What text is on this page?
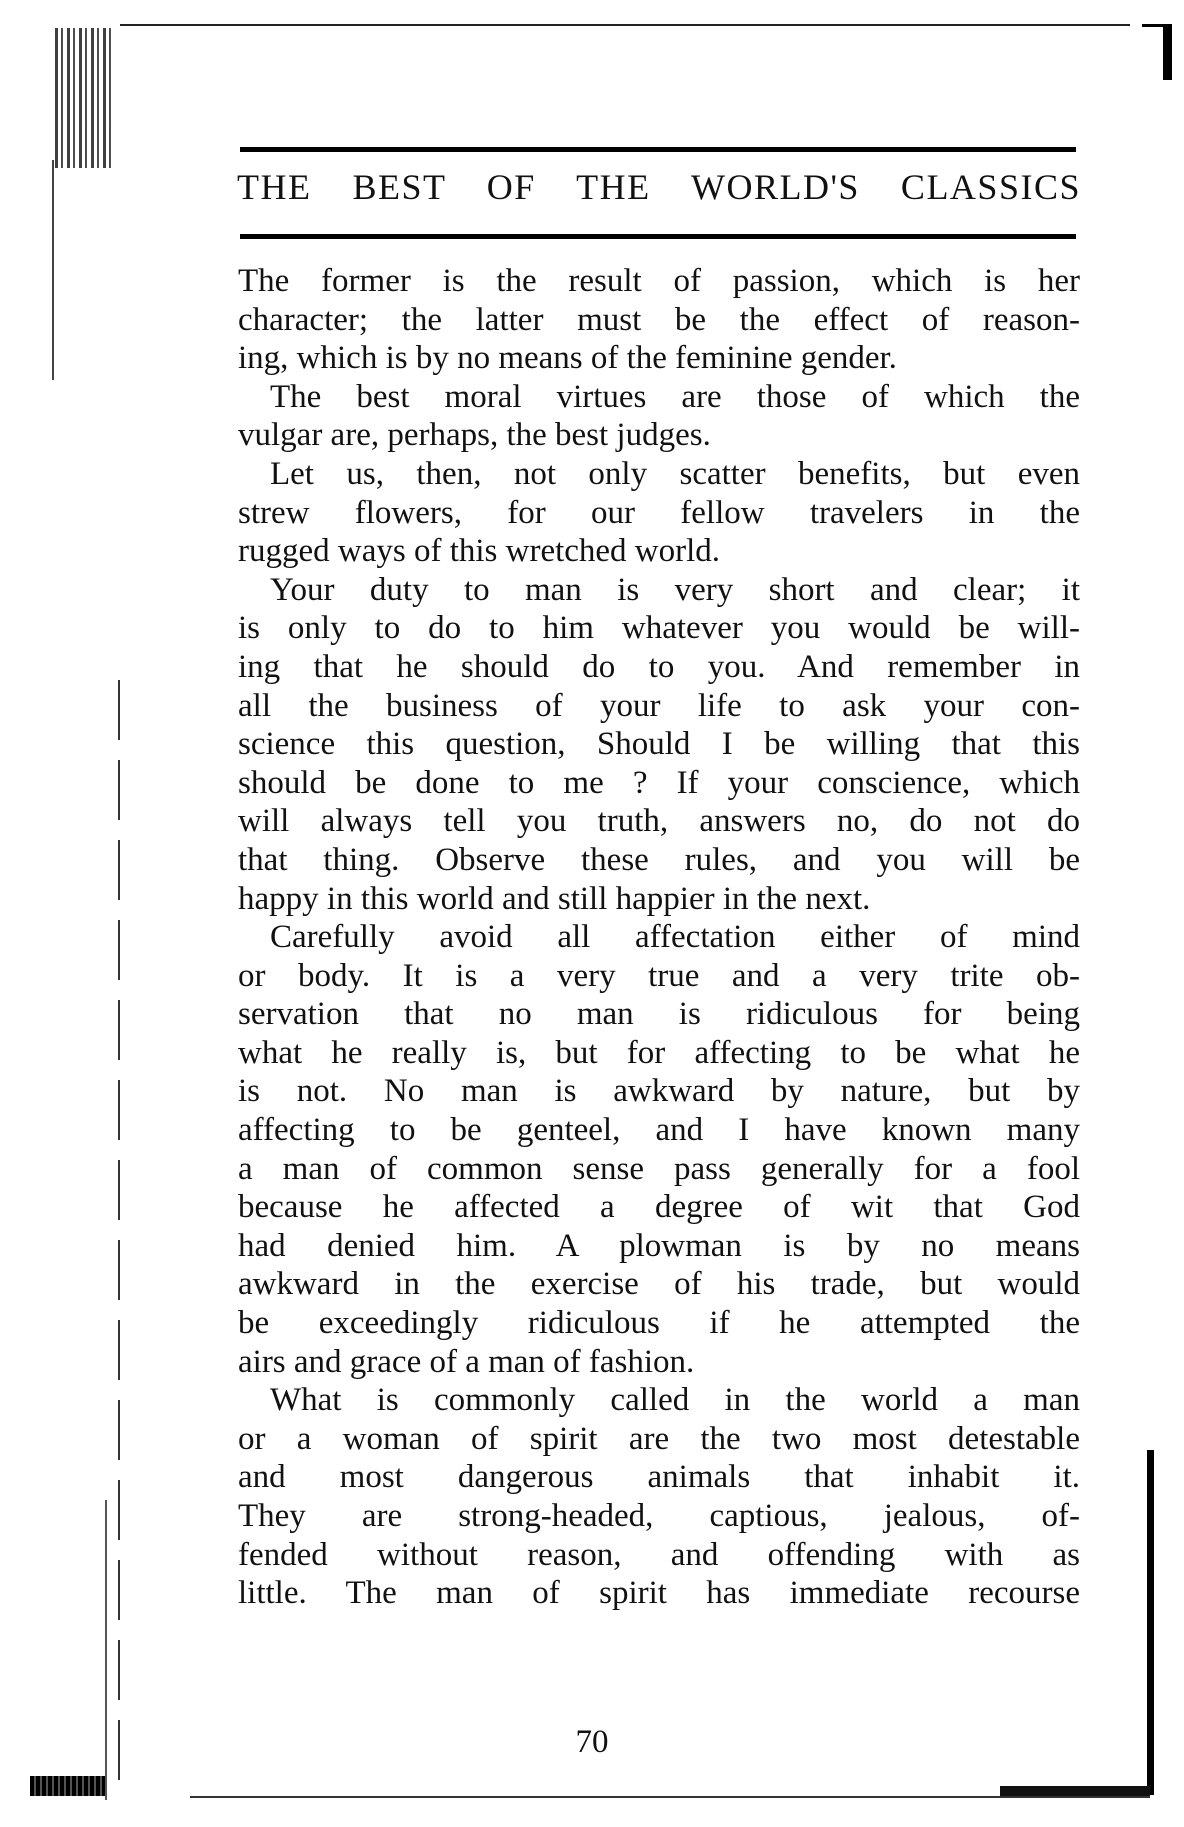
THE BEST OF THE WORLD'S CLASSICS
The former is the result of passion, which is her
character; the latter must be the effect of reason-
ing, which is by no means of the feminine gender.
The best moral virtues are those of which the
vulgar are, perhaps, the best judges.
Let us, then, not only scatter benefits, but even
strew flowers, for our fellow travelers in the
rugged ways of this wretched world.
Your duty to man is very short and clear; it
is only to do to him whatever you would be will-
ing that he should do to you. And remember in
all the business of your life to ask your con-
science this question, Should I be willing that this
should be done to me ? If your conscience, which
will always tell you truth, answers no, do not do
that thing. Observe these rules, and you will be
happy in this world and still happier in the next.
Carefully avoid all affectation either of mind
or body. It is a very true and a very trite ob-
servation that no man is ridiculous for being
what he really is, but for affecting to be what he
is not. No man is awkward by nature, but by
affecting to be genteel, and I have known many
a man of common sense pass generally for a fool
because he affected a degree of wit that God
had denied him. A plowman is by no means
awkward in the exercise of his trade, but would
be exceedingly ridiculous if he attempted the
airs and grace of a man of fashion.
What is commonly called in the world a man
or a woman of spirit are the two most detestable
and most dangerous animals that inhabit it.
They are strong-headed, captious, jealous, of-
fended without reason, and offending with as
little. The man of spirit has immediate recourse
70
